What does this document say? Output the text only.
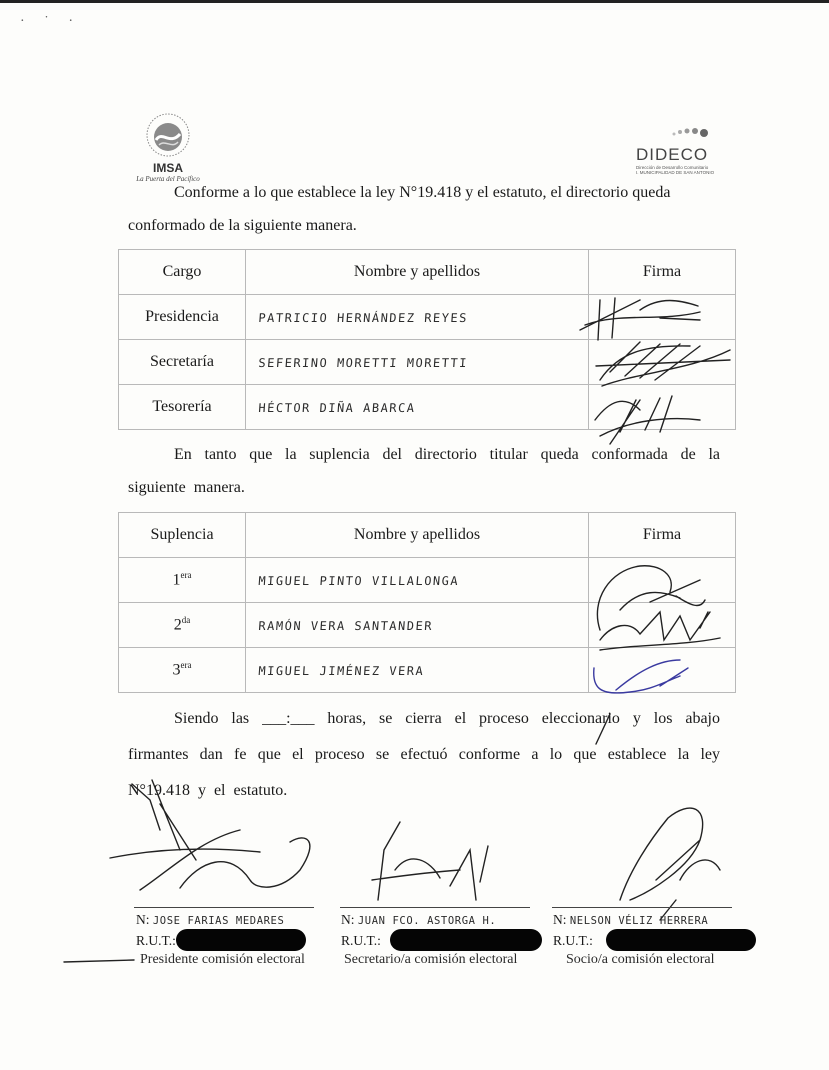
· ˙ ·
IMSA
La Puerta del Pacífico
DIDECO
Dirección de Desarrollo Comunitario
I. MUNICIPALIDAD DE SAN ANTONIO
Conforme a lo que establece la ley N°19.418 y el estatuto, el directorio queda conformado de la siguiente manera.
Cargo	Nombre y apellidos	Firma
Presidencia	PATRICIO HERNÁNDEZ REYES	
Secretaría	SEFERINO MORETTI MORETTI	
Tesorería	HÉCTOR DIÑA ABARCA	
En tanto que la suplencia del directorio titular queda conformada de la siguiente manera.
Suplencia	Nombre y apellidos	Firma
$1^{era}$	MIGUEL PINTO VILLALONGA	
$2^{da}$	RAMÓN VERA SANTANDER	
$3^{era}$	MIGUEL JIMÉNEZ VERA	
Siendo las ___:___ horas, se cierra el proceso eleccionario y los abajo firmantes dan fe que el proceso se efectuó conforme a lo que establece la ley N°19.418 y el estatuto.
N: JOSE FARIAS MEDARES
R.U.T.:
Presidente comisión electoral
N: JUAN FCO. ASTORGA H.
R.U.T.:
Secretario/a comisión electoral
N: NELSON VÉLIZ HERRERA
R.U.T.:
Socio/a comisión electoral
